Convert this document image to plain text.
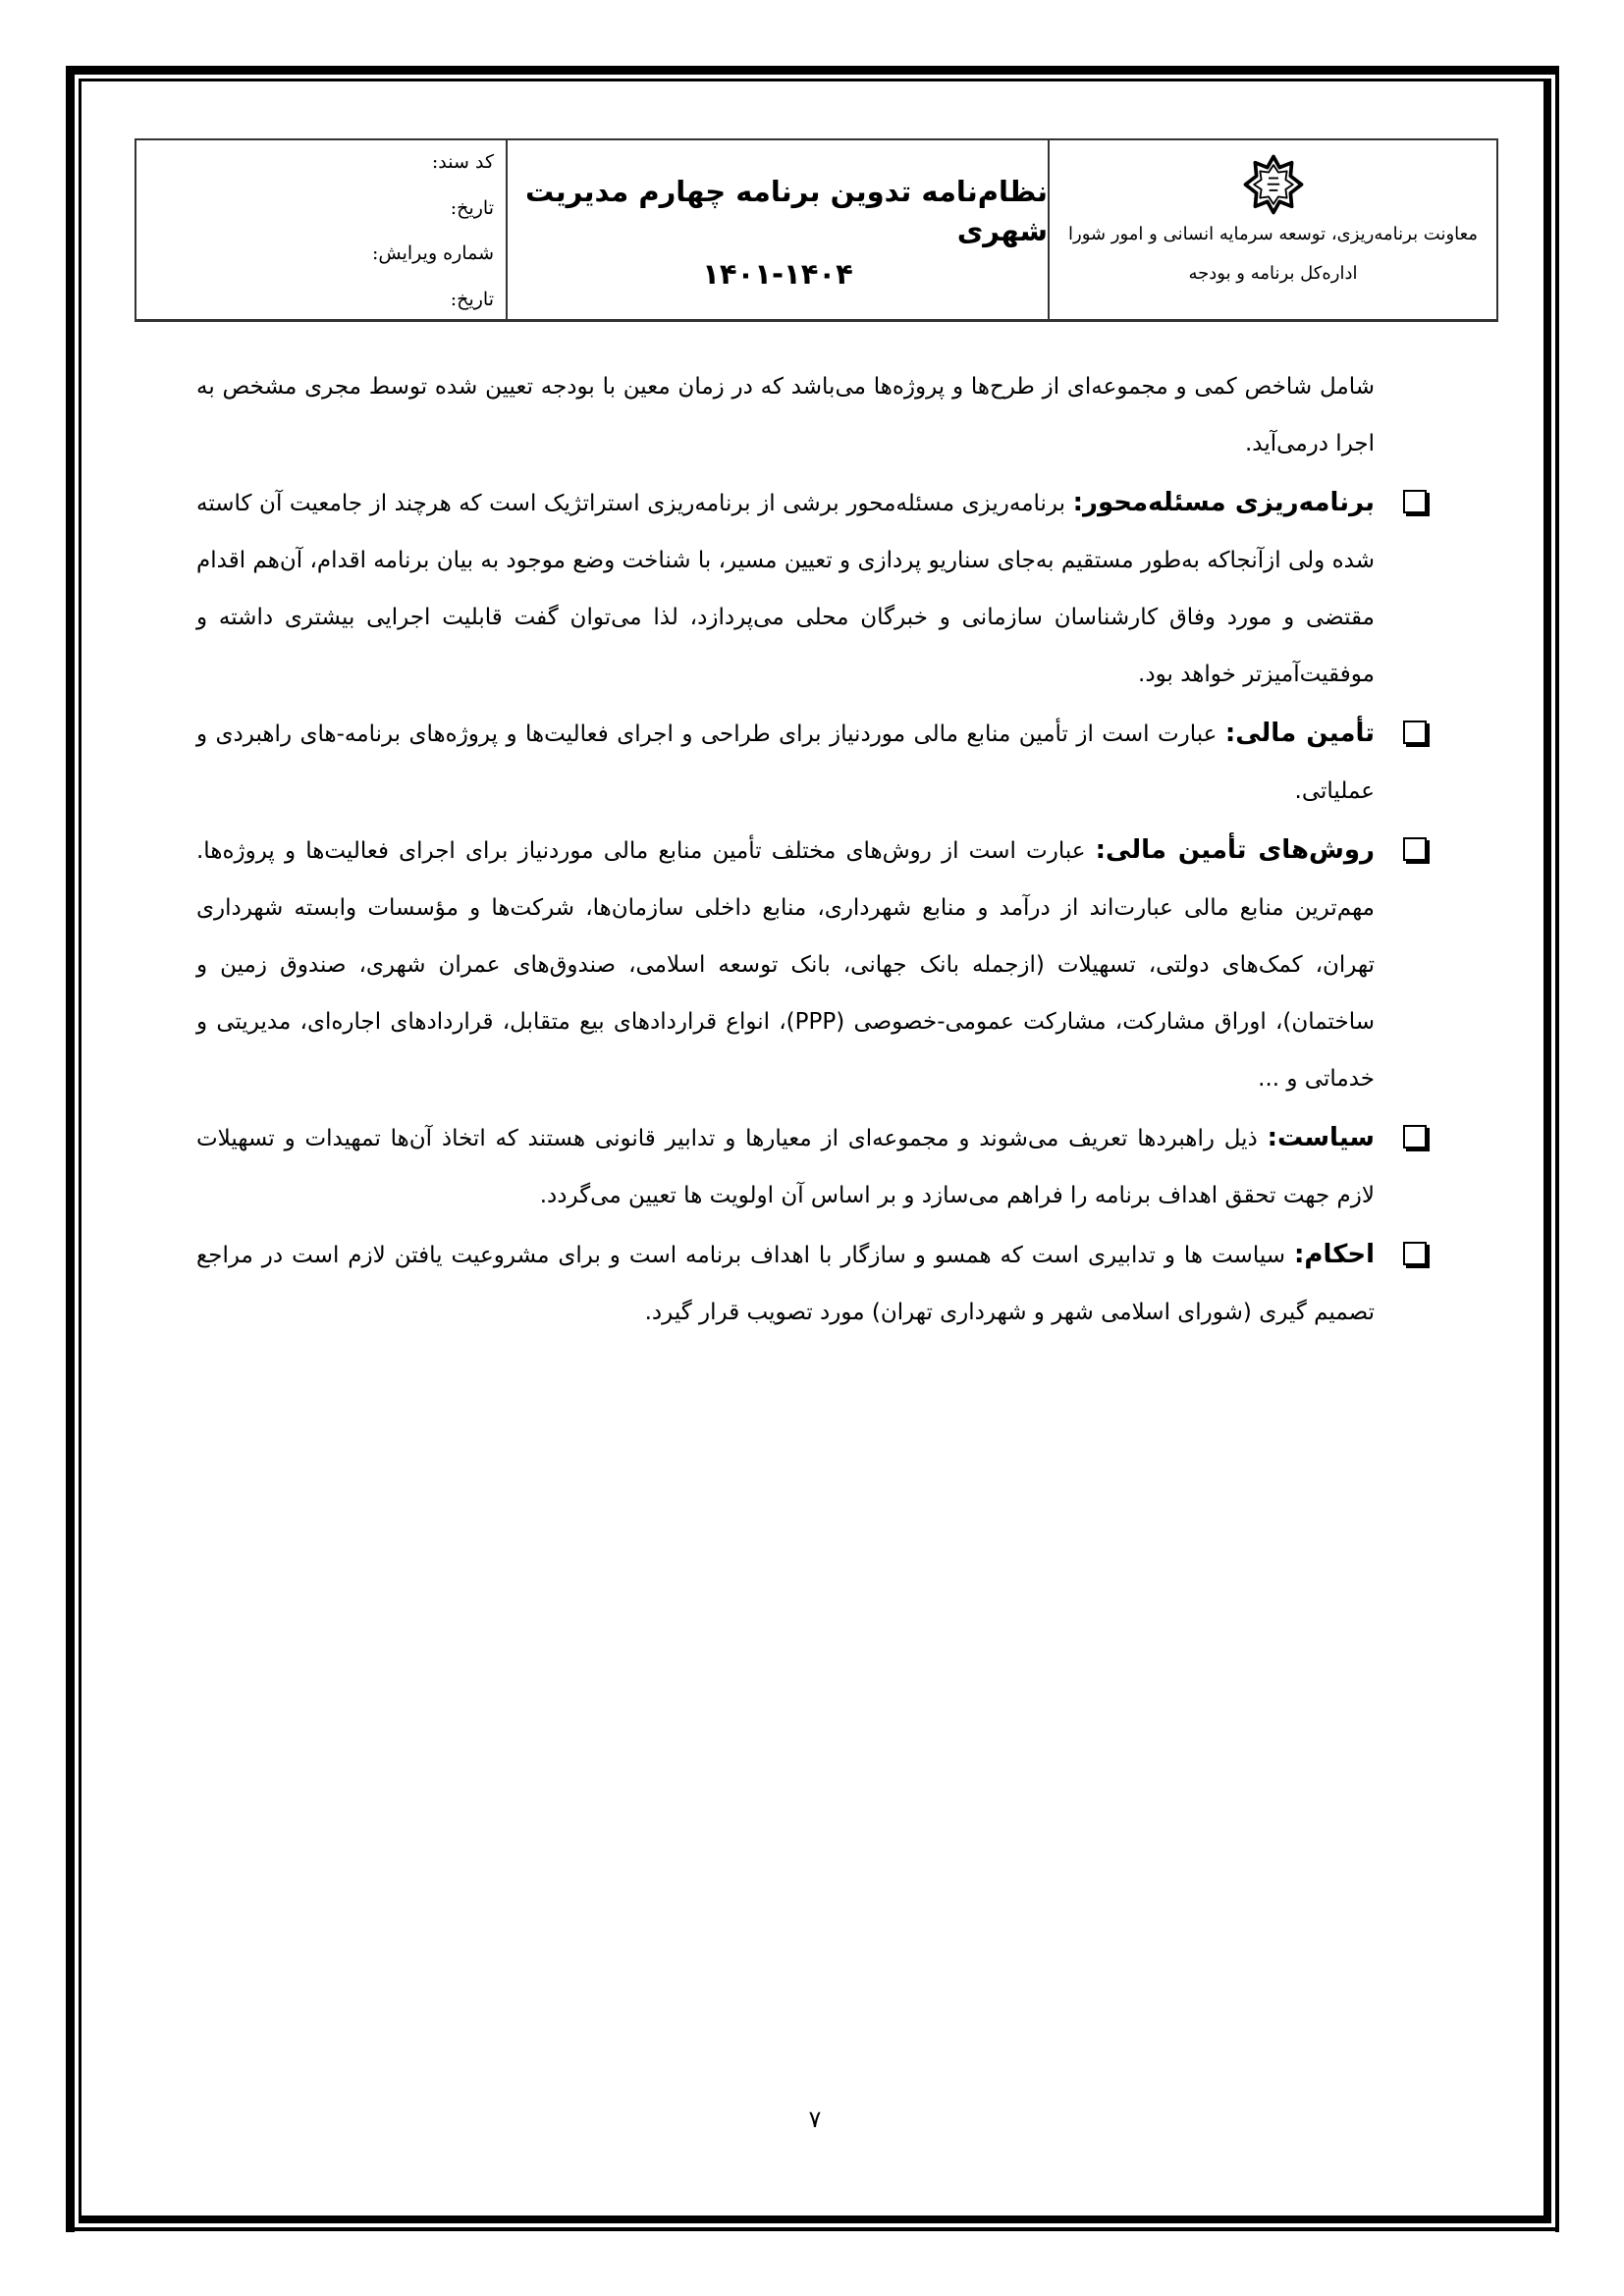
کد سند:
تاریخ:
شماره ویرایش:
تاریخ:
نظام‌نامه تدوین برنامه چهارم مدیریت شهری
۱۴۰۱-۱۴۰۴
معاونت برنامه‌ریزی، توسعه سرمایه انسانی و امور شورا
اداره‌کل برنامه و بودجه

شامل شاخص کمی و مجموعه‌ای از طرح‌ها و پروژه‌ها می‌باشد که در زمان معین با بودجه تعیین شده توسط مجری مشخص به اجرا درمی‌آید.

برنامه‌ریزی مسئله‌محور: برنامه‌ریزی مسئله‌محور برشی از برنامه‌ریزی استراتژیک است که هرچند از جامعیت آن کاسته شده ولی ازآنجاکه به‌طور مستقیم به‌جای سناریو پردازی و تعیین مسیر، با شناخت وضع موجود به بیان برنامه اقدام، آن‌هم اقدام مقتضی و مورد وفاق کارشناسان سازمانی و خبرگان محلی می‌پردازد، لذا می‌توان گفت قابلیت اجرایی بیشتری داشته و موفقیت‌آمیزتر خواهد بود.
تأمین مالی: عبارت است از تأمین منابع مالی موردنیاز برای طراحی و اجرای فعالیت‌ها و پروژه‌های برنامه-های راهبردی و عملیاتی.
روش‌های تأمین مالی: عبارت است از روش‌های مختلف تأمین منابع مالی موردنیاز برای اجرای فعالیت‌ها و پروژه‌ها. مهم‌ترین منابع مالی عبارت‌اند از درآمد و منابع شهرداری، منابع داخلی سازمان‌ها، شرکت‌ها و مؤسسات وابسته شهرداری تهران، کمک‌های دولتی، تسهیلات (ازجمله بانک جهانی، بانک توسعه اسلامی، صندوق‌های عمران شهری، صندوق زمین و ساختمان)، اوراق مشارکت، مشارکت عمومی-خصوصی (PPP)، انواع قراردادهای بیع متقابل، قراردادهای اجاره‌ای، مدیریتی و خدماتی و ...
سیاست: ذیل راهبردها تعریف می‌شوند و مجموعه‌ای از معیارها و تدابیر قانونی هستند که اتخاذ آن‌ها تمهیدات و تسهیلات لازم جهت تحقق اهداف برنامه را فراهم می‌سازد و بر اساس آن اولویت ها تعیین می‌گردد.
احکام: سیاست ها و تدابیری است که همسو و سازگار با اهداف برنامه است و برای مشروعیت یافتن لازم است در مراجع تصمیم گیری (شورای اسلامی شهر و شهرداری تهران) مورد تصویب قرار گیرد.
۷
